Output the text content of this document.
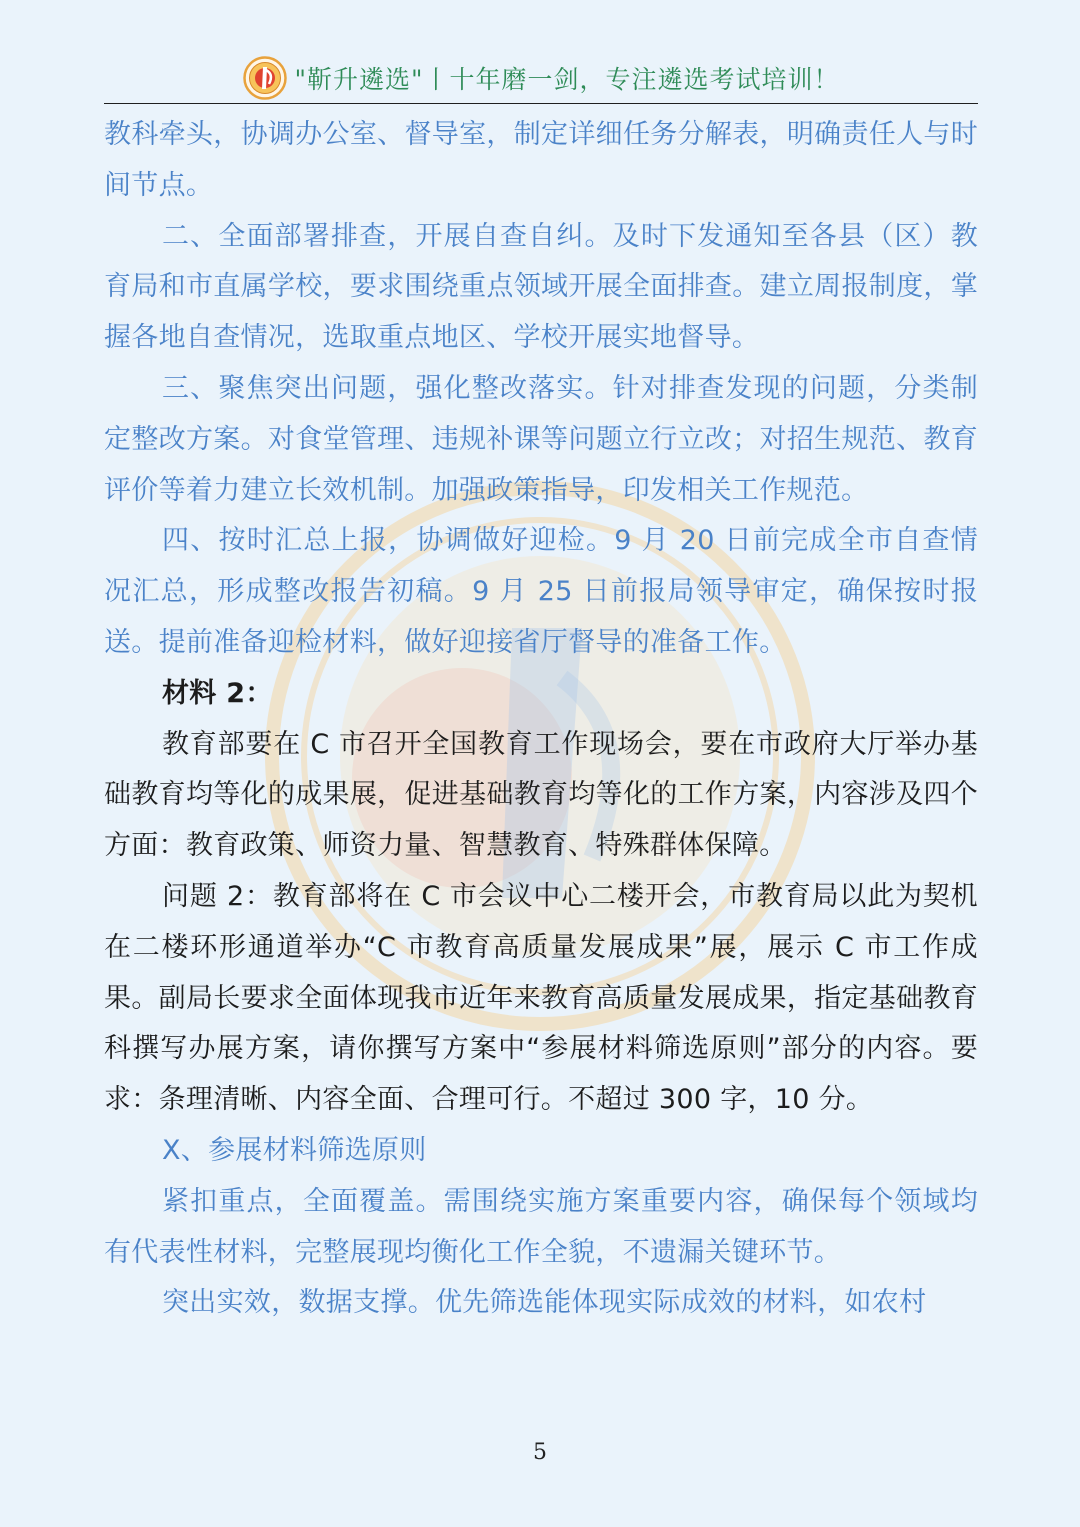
"靳升遴选"丨十年磨一剑，专注遴选考试培训！

教科牵头，协调办公室、督导室，制定详细任务分解表，明确责任人与时间节点。

二、全面部署排查，开展自查自纠。及时下发通知至各县（区）教育局和市直属学校，要求围绕重点领域开展全面排查。建立周报制度，掌握各地自查情况，选取重点地区、学校开展实地督导。

三、聚焦突出问题，强化整改落实。针对排查发现的问题，分类制定整改方案。对食堂管理、违规补课等问题立行立改；对招生规范、教育评价等着力建立长效机制。加强政策指导，印发相关工作规范。

四、按时汇总上报，协调做好迎检。9 月 20 日前完成全市自查情况汇总，形成整改报告初稿。9 月 25 日前报局领导审定，确保按时报送。提前准备迎检材料，做好迎接省厅督导的准备工作。

材料 2：

教育部要在 C 市召开全国教育工作现场会，要在市政府大厅举办基础教育均等化的成果展，促进基础教育均等化的工作方案，内容涉及四个方面：教育政策、师资力量、智慧教育、特殊群体保障。

问题 2：教育部将在 C 市会议中心二楼开会，市教育局以此为契机在二楼环形通道举办“C 市教育高质量发展成果”展，展示 C 市工作成果。副局长要求全面体现我市近年来教育高质量发展成果，指定基础教育科撰写办展方案，请你撰写方案中“参展材料筛选原则”部分的内容。要求：条理清晰、内容全面、合理可行。不超过 300 字，10 分。

X、参展材料筛选原则

紧扣重点，全面覆盖。需围绕实施方案重要内容，确保每个领域均有代表性材料，完整展现均衡化工作全貌，不遗漏关键环节。

突出实效，数据支撑。优先筛选能体现实际成效的材料，如农村

5
